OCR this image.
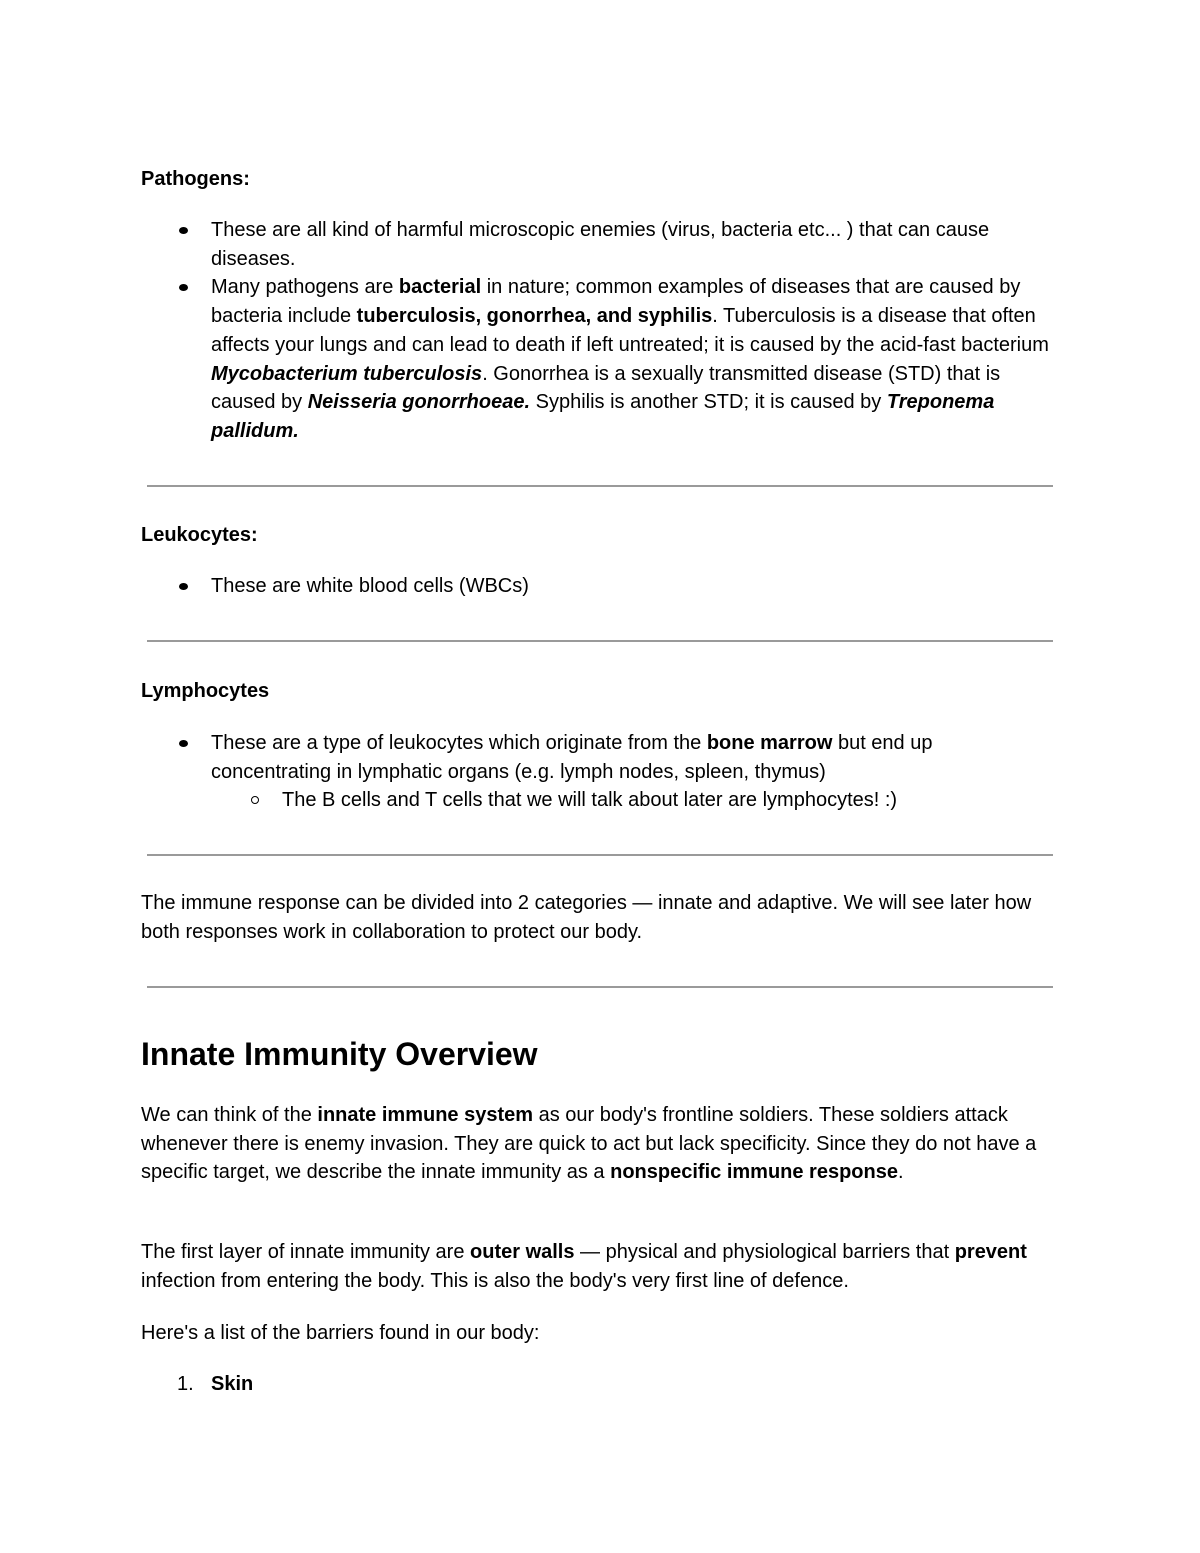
Pathogens:

These are all kind of harmful microscopic enemies (virus, bacteria etc... ) that can cause diseases.
Many pathogens are bacterial in nature; common examples of diseases that are caused by bacteria include tuberculosis, gonorrhea, and syphilis. Tuberculosis is a disease that often affects your lungs and can lead to death if left untreated; it is caused by the acid-fast bacterium Mycobacterium tuberculosis. Gonorrhea is a sexually transmitted disease (STD) that is caused by Neisseria gonorrhoeae. Syphilis is another STD; it is caused by Treponema pallidum.

Leukocytes:

These are white blood cells (WBCs)

Lymphocytes

These are a type of leukocytes which originate from the bone marrow but end up concentrating in lymphatic organs (e.g. lymph nodes, spleen, thymus)
The B cells and T cells that we will talk about later are lymphocytes! :)

The immune response can be divided into 2 categories — innate and adaptive. We will see later how both responses work in collaboration to protect our body.

Innate Immunity Overview

We can think of the innate immune system as our body's frontline soldiers. These soldiers attack whenever there is enemy invasion. They are quick to act but lack specificity. Since they do not have a specific target, we describe the innate immunity as a nonspecific immune response.

The first layer of innate immunity are outer walls — physical and physiological barriers that prevent infection from entering the body. This is also the body's very first line of defence.

Here's a list of the barriers found in our body:

1. Skin
